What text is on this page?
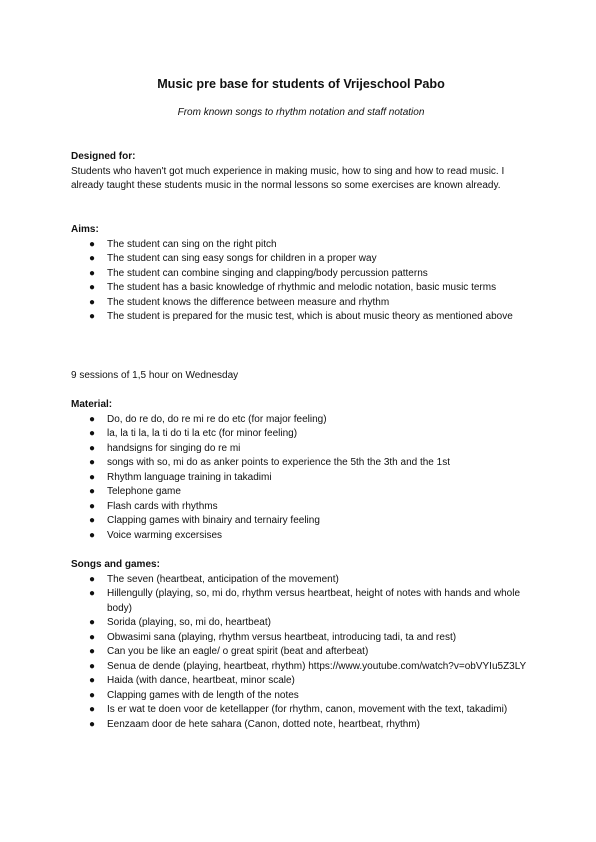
Music pre base for students of Vrijeschool Pabo

From known songs to rhythm notation and staff notation

Designed for:

Students who haven't got much experience in making music, how to sing and how to read music. I already taught these students music in the normal lessons so some exercises are known already.

Aims:

●	The student can sing on the right pitch
●	The student can sing easy songs for children in a proper way
●	The student can combine singing and clapping/body percussion patterns
●	The student has a basic knowledge of rhythmic and melodic notation, basic music terms
●	The student knows the difference between measure and rhythm
●	The student is prepared for the music test, which is about music theory as mentioned above

9 sessions of 1,5 hour on Wednesday

Material:

●	Do, do re do, do re mi re do etc (for major feeling)
●	la, la ti la, la ti do ti la etc (for minor feeling)
●	handsigns for singing do re mi
●	songs with so, mi do as anker points to experience the 5th the 3th and the 1st
●	Rhythm language training in takadimi
●	Telephone game
●	Flash cards with rhythms
●	Clapping games with binairy and ternairy feeling
●	Voice warming excersises

Songs and games:

●	The seven (heartbeat, anticipation of the movement)
●	Hillengully (playing, so, mi do, rhythm versus heartbeat, height of notes with hands and whole body)
●	Sorida (playing, so, mi do, heartbeat)
●	Obwasimi sana (playing, rhythm versus heartbeat, introducing tadi, ta and rest)
●	Can you be like an eagle/ o great spirit (beat and afterbeat)
●	Senua de dende (playing, heartbeat, rhythm) https://www.youtube.com/watch?v=obVYIu5Z3LY
●	Haida (with dance, heartbeat, minor scale)
●	Clapping games with de length of the notes
●	Is er wat te doen voor de ketellapper (for rhythm, canon, movement with the text, takadimi)
●	Eenzaam door de hete sahara (Canon, dotted note, heartbeat, rhythm)
